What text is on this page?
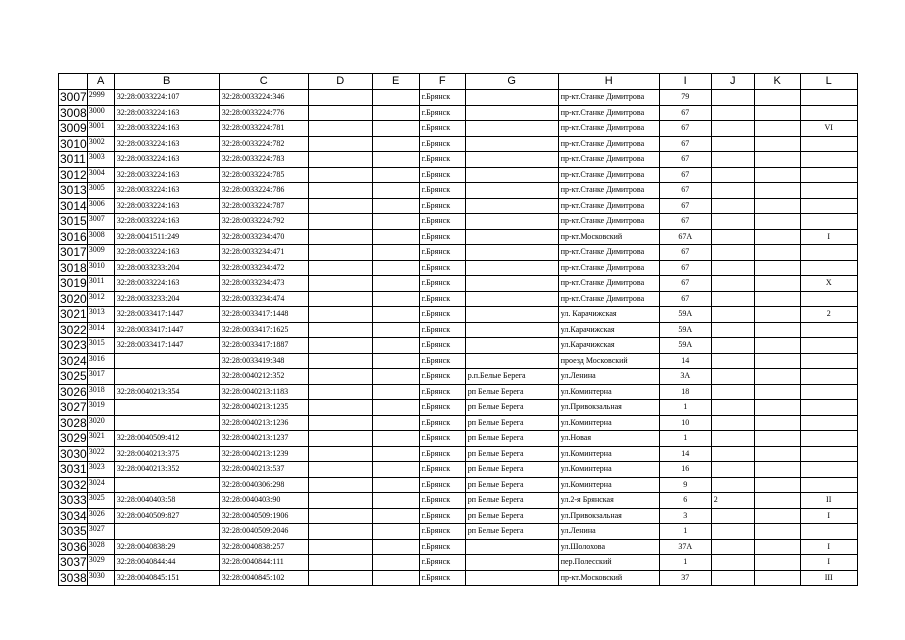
	A	B	C	D	E	F	G	H	I	J	K	L
3007	2999	32:28:0033224:107	32:28:0033224:346			г.Брянск		пр-кт.Станке Димитрова	79			
3008	3000	32:28:0033224:163	32:28:0033224:776			г.Брянск		пр-кт.Станке Димитрова	67			
3009	3001	32:28:0033224:163	32:28:0033224:781			г.Брянск		пр-кт.Станке Димитрова	67			VI
3010	3002	32:28:0033224:163	32:28:0033224:782			г.Брянск		пр-кт.Станке Димитрова	67			
3011	3003	32:28:0033224:163	32:28:0033224:783			г.Брянск		пр-кт.Станке Димитрова	67			
3012	3004	32:28:0033224:163	32:28:0033224:785			г.Брянск		пр-кт.Станке Димитрова	67			
3013	3005	32:28:0033224:163	32:28:0033224:786			г.Брянск		пр-кт.Станке Димитрова	67			
3014	3006	32:28:0033224:163	32:28:0033224:787			г.Брянск		пр-кт.Станке Димитрова	67			
3015	3007	32:28:0033224:163	32:28:0033224:792			г.Брянск		пр-кт.Станке Димитрова	67			
3016	3008	32:28:0041511:249	32:28:0033234:470			г.Брянск		пр-кт.Московский	67А			I
3017	3009	32:28:0033224:163	32:28:0033234:471			г.Брянск		пр-кт.Станке Димитрова	67			
3018	3010	32:28:0033233:204	32:28:0033234:472			г.Брянск		пр-кт.Станке Димитрова	67			
3019	3011	32:28:0033224:163	32:28:0033234:473			г.Брянск		пр-кт.Станке Димитрова	67			X
3020	3012	32:28:0033233:204	32:28:0033234:474			г.Брянск		пр-кт.Станке Димитрова	67			
3021	3013	32:28:0033417:1447	32:28:0033417:1448			г.Брянск		ул. Карачижская	59А			2
3022	3014	32:28:0033417:1447	32:28:0033417:1625			г.Брянск		ул.Карачижская	59А			
3023	3015	32:28:0033417:1447	32:28:0033417:1887			г.Брянск		ул.Карачижская	59А			
3024	3016		32:28:0033419:348			г.Брянск		проезд Московский	14			
3025	3017		32:28:0040212:352			г.Брянск	р.п.Белые Берега	ул.Ленина	3А			
3026	3018	32:28:0040213:354	32:28:0040213:1183			г.Брянск	рп Белые Берега	ул.Коминтерна	18			
3027	3019		32:28:0040213:1235			г.Брянск	рп Белые Берега	ул.Привокзальная	1			
3028	3020		32:28:0040213:1236			г.Брянск	рп Белые Берега	ул.Коминтерна	10			
3029	3021	32:28:0040509:412	32:28:0040213:1237			г.Брянск	рп Белые Берега	ул.Новая	1			
3030	3022	32:28:0040213:375	32:28:0040213:1239			г.Брянск	рп Белые Берега	ул.Коминтерна	14			
3031	3023	32:28:0040213:352	32:28:0040213:537			г.Брянск	рп Белые Берега	ул.Коминтерна	16			
3032	3024		32:28:0040306:298			г.Брянск	рп Белые Берега	ул.Коминтерна	9			
3033	3025	32:28:0040403:58	32:28:0040403:90			г.Брянск	рп Белые Берега	ул.2-я Брянская	6	2		II
3034	3026	32:28:0040509:827	32:28:0040509:1906			г.Брянск	рп Белые Берега	ул.Привокзальная	3			I
3035	3027		32:28:0040509:2046			г.Брянск	рп Белые Берега	ул.Ленина	1			
3036	3028	32:28:0040838:29	32:28:0040838:257			г.Брянск		ул.Шолохова	37А			I
3037	3029	32:28:0040844:44	32:28:0040844:111			г.Брянск		пер.Полесский	1			I
3038	3030	32:28:0040845:151	32:28:0040845:102			г.Брянск		пр-кт.Московский	37			III
